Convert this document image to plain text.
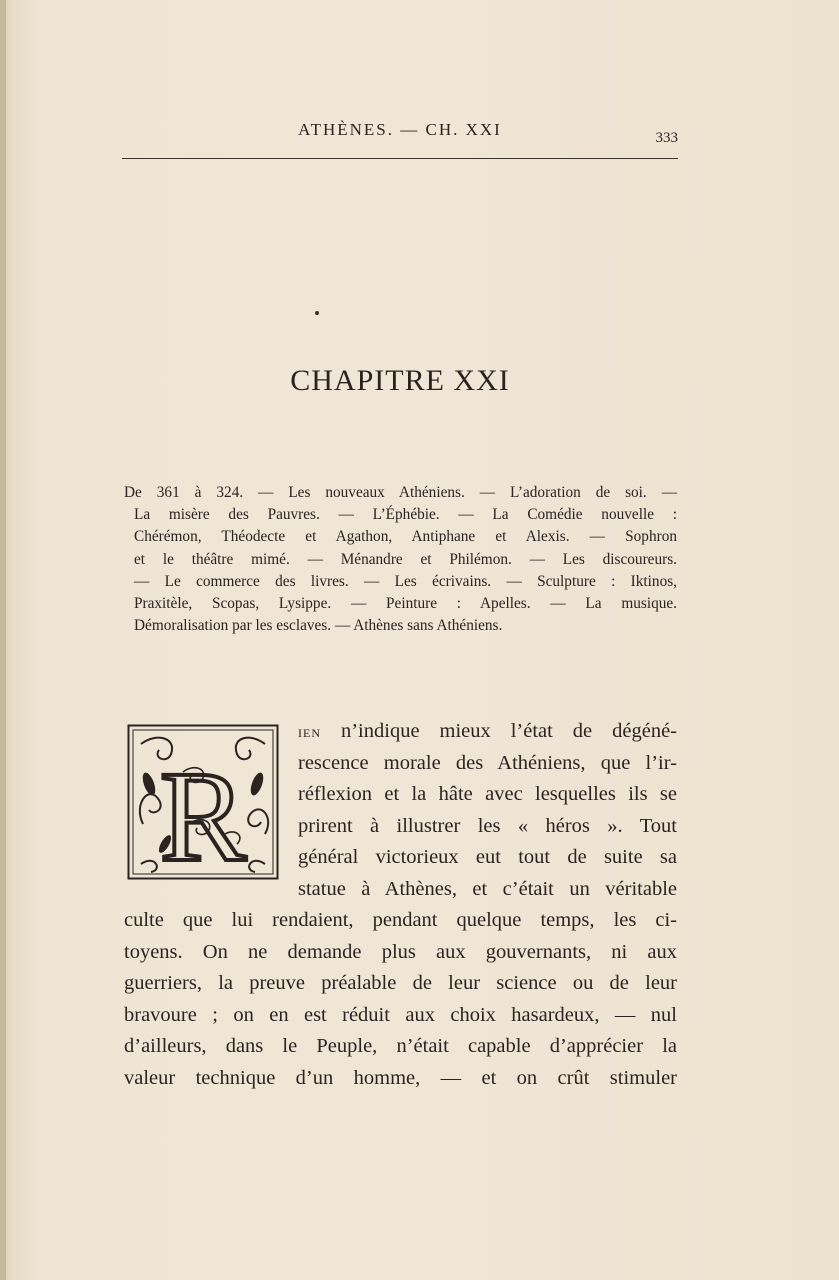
ATHÈNES. — CH. XXI	333
CHAPITRE XXI
De 361 à 324. — Les nouveaux Athéniens. — L’adoration de soi. —
La misère des Pauvres. — L’Éphébie. — La Comédie nouvelle :
Chérémon, Théodecte et Agathon, Antiphane et Alexis. — Sophron
et le théâtre mimé. — Ménandre et Philémon. — Les discoureurs.
— Le commerce des livres. — Les écrivains. — Sculpture : Iktinos,
Praxitèle, Scopas, Lysippe. — Peinture : Apelles. — La musique.
Démoralisation par les esclaves. — Athènes sans Athéniens.
R
ien n’indique mieux l’état de dégéné-
rescence morale des Athéniens, que l’ir-
réflexion et la hâte avec lesquelles ils se
prirent à illustrer les « héros ». Tout
général victorieux eut tout de suite sa
statue à Athènes, et c’était un véritable
culte que lui rendaient, pendant quelque temps, les ci-
toyens. On ne demande plus aux gouvernants, ni aux
guerriers, la preuve préalable de leur science ou de leur
bravoure ; on en est réduit aux choix hasardeux, — nul
d’ailleurs, dans le Peuple, n’était capable d’apprécier la
valeur technique d’un homme, — et on crût stimuler
